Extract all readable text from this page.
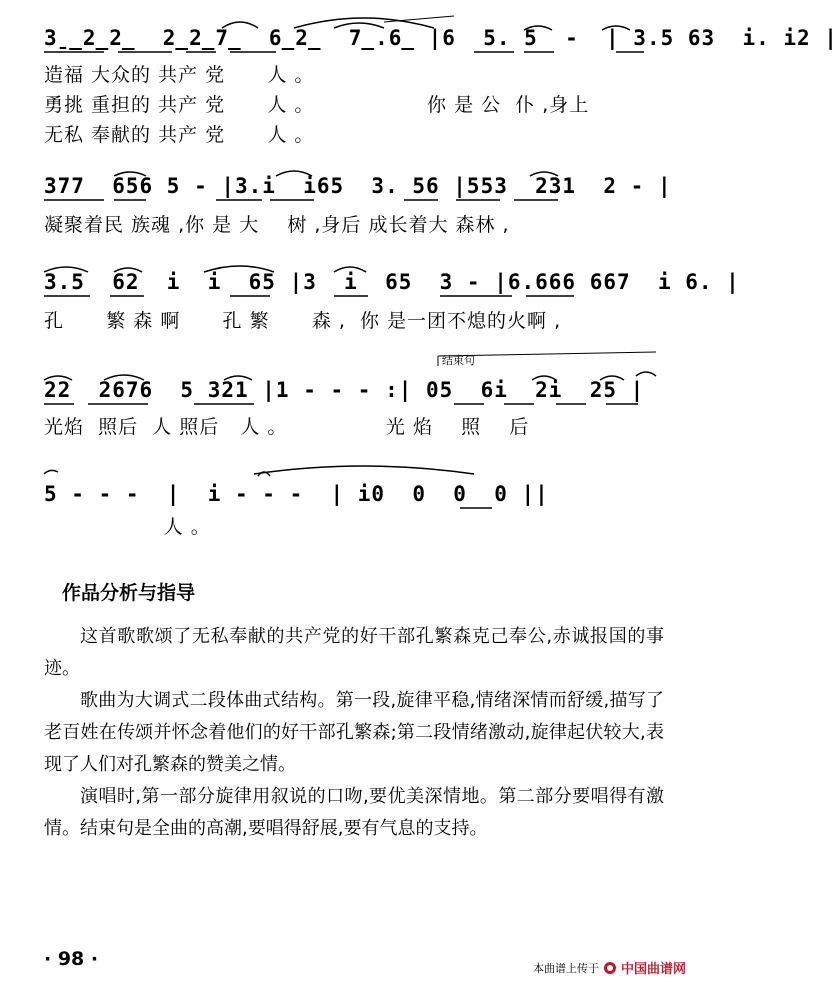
3̱̲2̲2̲  2̲2̲7̲  6̲2̲  7̲.6̲ |6  5. 5  -  | 3.5 63  i. i2 |
造福 大众的 共产 党      人 。
勇挑 重担的 共产 党      人 。                你 是 公  仆 ,身上
无私 奉献的 共产 党      人 。
377  656 5 - |3.i  i65  3. 56 |553  231  2 - |
凝聚着民 族魂 ,你 是 大    树 ,身后 成长着大 森林 ,
3.5  62  i  i  65 |3  i  65  3 - |6.666 667  i 6. |
孔      繁 森 啊      孔 繁      森 ,  你 是一团不熄的火啊 ,
结束句
22  2676  5 321 |1 - - - :| 05  6i  2i  25 |
光焰  照后  人 照后   人 。              光 焰    照    后
5 - - -  |  i - - -  | i0  0  0  0 ||
人 。
作品分析与指导

这首歌歌颂了无私奉献的共产党的好干部孔繁森克己奉公,赤诚报国的事迹。

歌曲为大调式二段体曲式结构。第一段,旋律平稳,情绪深情而舒缓,描写了老百姓在传颂并怀念着他们的好干部孔繁森;第二段情绪激动,旋律起伏较大,表现了人们对孔繁森的赞美之情。

演唱时,第一部分旋律用叙说的口吻,要优美深情地。第二部分要唱得有激情。结束句是全曲的高潮,要唱得舒展,要有气息的支持。

· 98 ·	本曲谱上传于 中国曲谱网
